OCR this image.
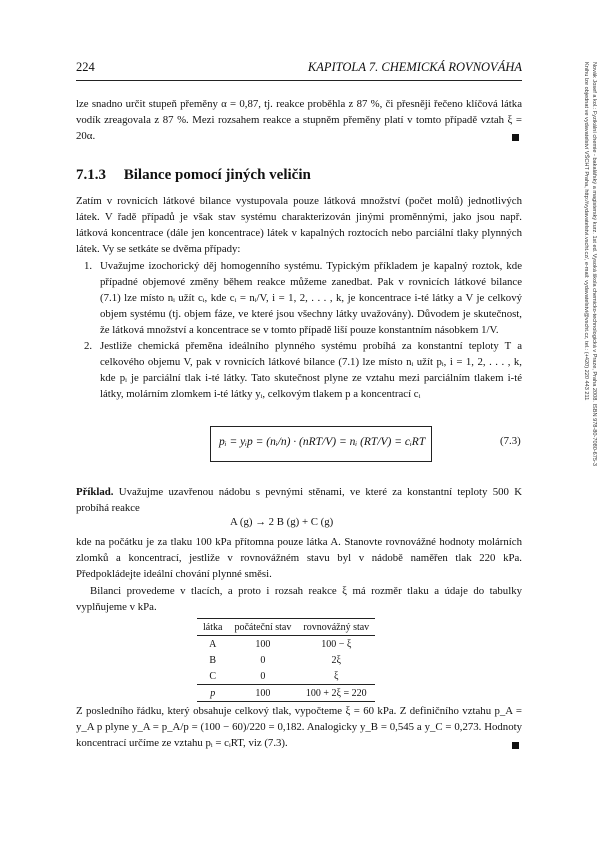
224	KAPITOLA 7. CHEMICKÁ ROVNOVÁHA

lze snadno určit stupeň přeměny α = 0,87, tj. reakce proběhla z 87 %, či přesněji řečeno klíčová látka vodík zreagovala z 87 %. Mezi rozsahem reakce a stupněm přeměny platí v tomto případě vztah ξ = 20α.

7.1.3 Bilance pomocí jiných veličin

Zatím v rovnicích látkové bilance vystupovala pouze látková množství (počet molů) jednotlivých látek. V řadě případů je však stav systému charakterizován jinými proměnnými, jako jsou např. látková koncentrace (dále jen koncentrace) látek v kapalných roztocích nebo parciální tlaky plynných látek. Vy se setkáte se dvěma případy:

1. Uvažujme izochorický děj homogenního systému. Typickým příkladem je kapalný roztok, kde případné objemové změny během reakce můžeme zanedbat. Pak v rovnicích látkové bilance (7.1) lze místo nᵢ užít cᵢ, kde cᵢ = nᵢ/V, i = 1, 2, . . . , k, je koncentrace i-té látky a V je celkový objem systému (tj. objem fáze, ve které jsou všechny látky uvažovány). Důvodem je skutečnost, že látková množství a koncentrace se v tomto případě liší pouze konstantním násobkem 1/V.
2. Jestliže chemická přeměna ideálního plynného systému probíhá za konstantní teploty T a celkového objemu V, pak v rovnicích látkové bilance (7.1) lze místo nᵢ užít pᵢ, i = 1, 2, . . . , k, kde pᵢ je parciální tlak i-té látky. Tato skutečnost plyne ze vztahu mezi parciálním tlakem i-té látky, molárním zlomkem i-té látky yᵢ, celkovým tlakem p a koncentrací cᵢ
pᵢ = yᵢp = (nᵢ/n) · (nRT/V) = nᵢ (RT/V) = cᵢRT	(7.3)

Příklad. Uvažujme uzavřenou nádobu s pevnými stěnami, ve které za konstantní teploty 500 K probíhá reakce

A (g) → 2 B (g) + C (g)

kde na počátku je za tlaku 100 kPa přítomna pouze látka A. Stanovte rovnovážné hodnoty molárních zlomků a koncentrací, jestliže v rovnovážném stavu byl v nádobě naměřen tlak 220 kPa. Předpokládejte ideální chování plynné směsi.

Bilanci provedeme v tlacích, a proto i rozsah reakce ξ má rozměr tlaku a údaje do tabulky vyplňujeme v kPa.

látka	počáteční stav	rovnovážný stav
A	100	100 − ξ
B	0	2ξ
C	0	ξ
p	100	100 + 2ξ = 220

Z posledního řádku, který obsahuje celkový tlak, vypočteme ξ = 60 kPa. Z definičního vztahu p_A = y_A p plyne y_A = p_A/p = (100 − 60)/220 = 0,182. Analogicky y_B = 0,545 a y_C = 0,273. Hodnoty koncentrací určíme ze vztahu pᵢ = cᵢRT, viz (7.3).

Novák Josef a kol.: Fyzikální chemie - bakalářský a magisterský kurz. 1st ed. Vysoká škola chemicko-technologická v Praze, Praha 2008. ISBN 978-80-7080-675-3
Knihu lze objednat ve vydavatelství VŠCHT Praha, http://vydavatelstvi.vscht.cz/, e-mail: vydavatelstvi@vscht.cz, tel.: (+420) 220 443 211
